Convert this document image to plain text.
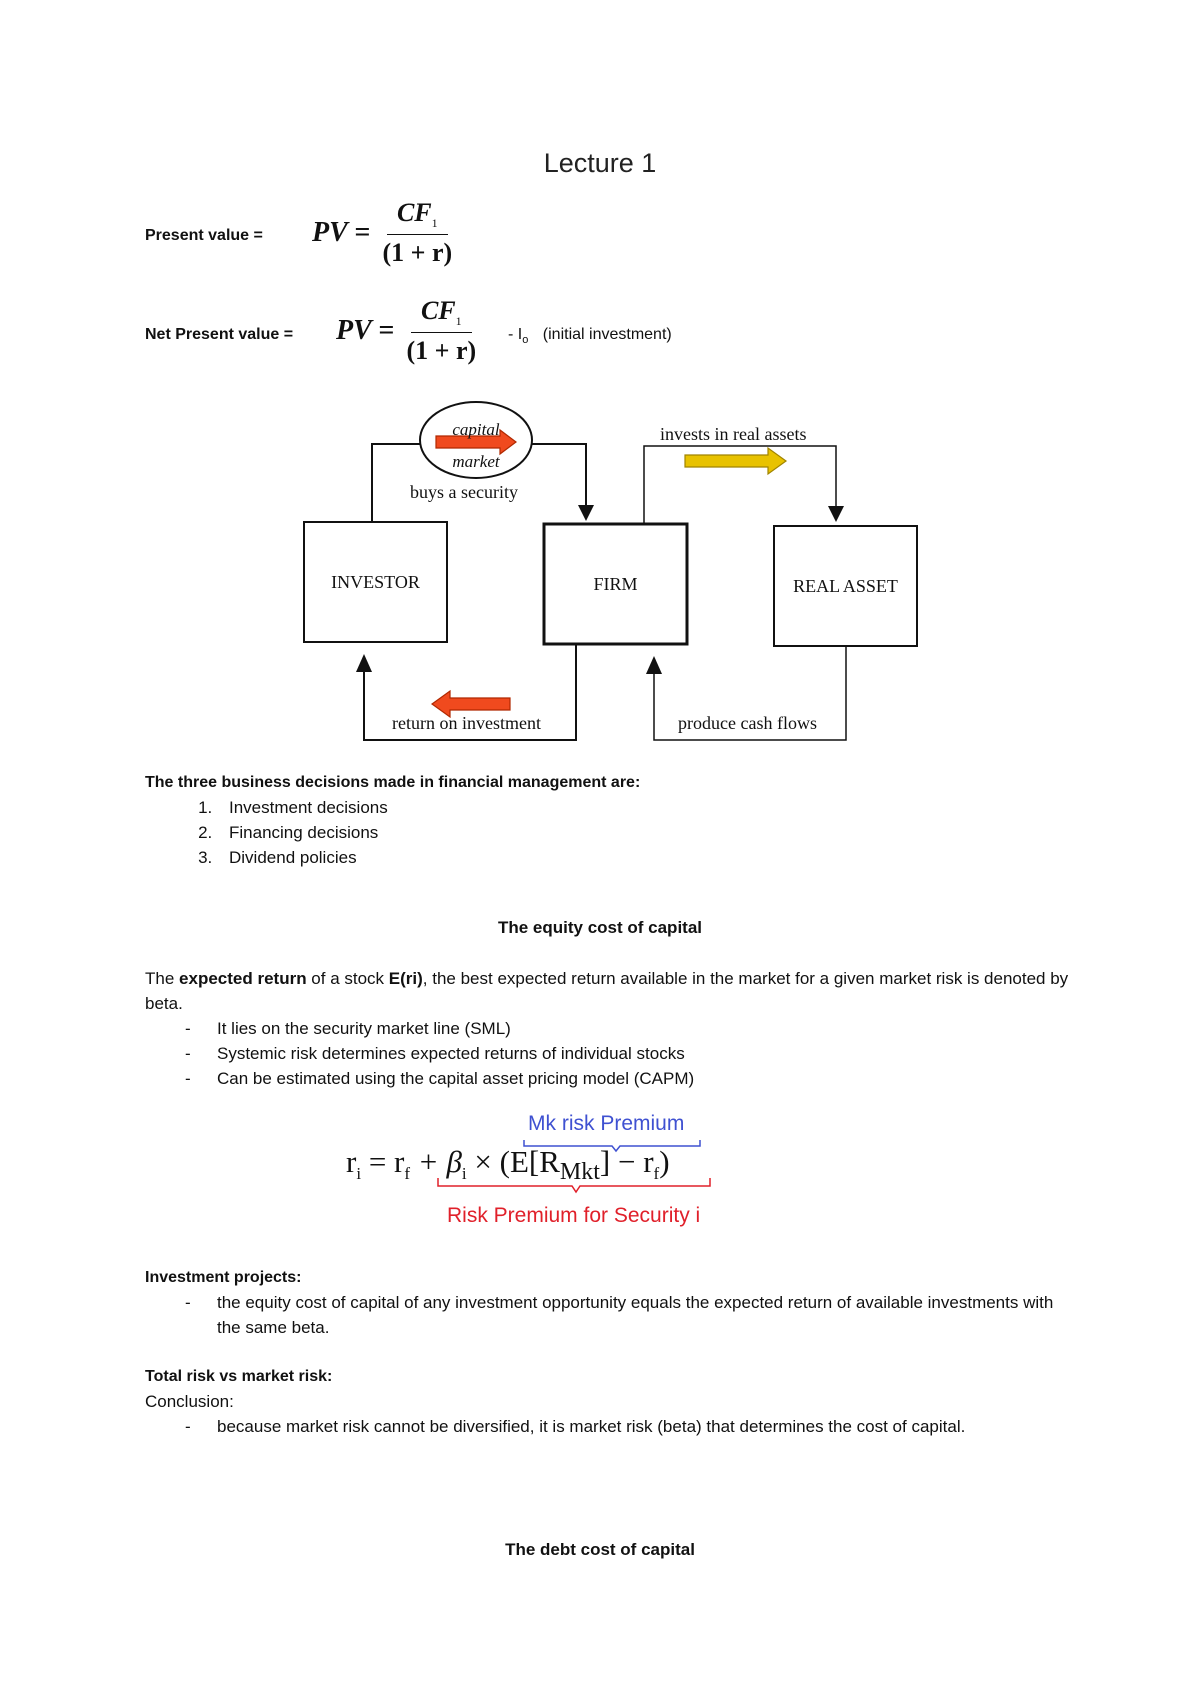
Lecture 1
Present value = PV = $\frac{CF_1}{(1 + r)}$
Net Present value = PV = $\frac{CF_1}{(1 + r)} - I_o$ (initial investment)
INVESTOR	FIRM	REAL ASSET
capital
market
buys a security
invests in real assets
return on investment	produce cash flows
The three business decisions made in financial management are:
1. Investment decisions
2. Financing decisions
3. Dividend policies
The equity cost of capital
The expected return of a stock E(ri), the best expected return available in the market for a given market risk is denoted by beta.
- It lies on the security market line (SML)
- Systemic risk determines expected returns of individual stocks
- Can be estimated using the capital asset pricing model (CAPM)
Mk risk Premium
$r_i = r_f + \beta_i \times (E[R_{Mkt}] - r_f)$
Risk Premium for Security i
Investment projects:
- the equity cost of capital of any investment opportunity equals the expected return of available investments with the same beta.
Total risk vs market risk:
Conclusion:
- because market risk cannot be diversified, it is market risk (beta) that determines the cost of capital.
The debt cost of capital
